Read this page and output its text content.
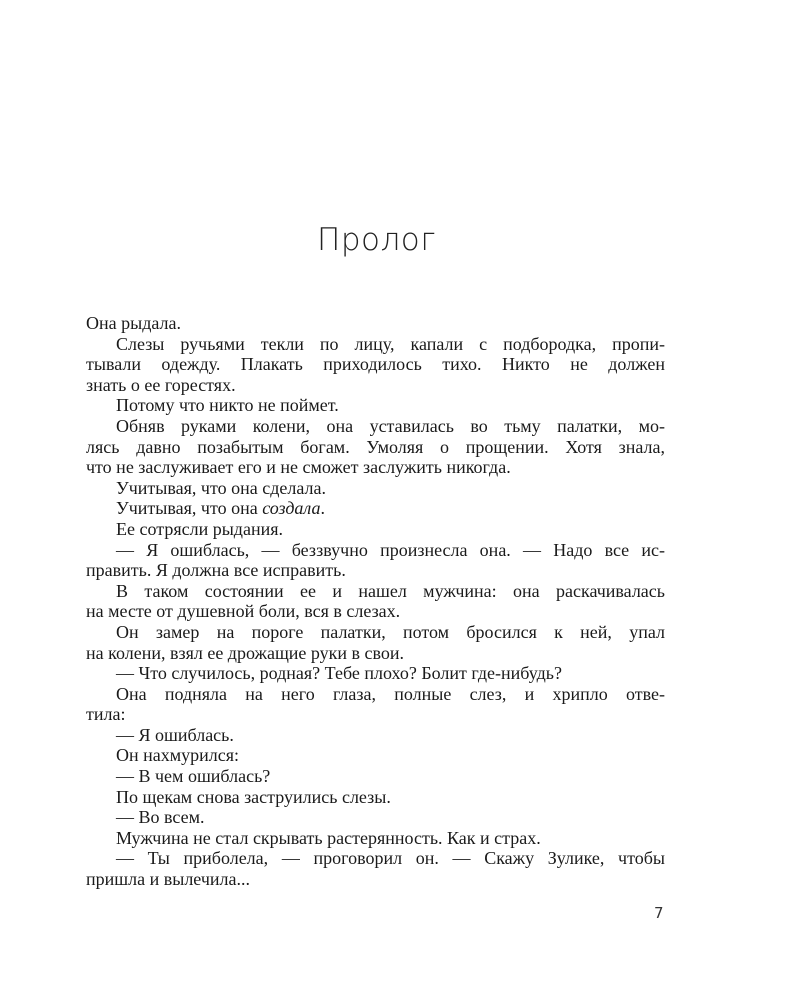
Пролог
Она рыдала.
Слезы ручьями текли по лицу, капали с подбородка, пропи-
тывали одежду. Плакать приходилось тихо. Никто не должен
знать о ее горестях.
Потому что никто не поймет.
Обняв руками колени, она уставилась во тьму палатки, мо-
лясь давно позабытым богам. Умоляя о прощении. Хотя знала,
что не заслуживает его и не сможет заслужить никогда.
Учитывая, что она сделала.
Учитывая, что она создала.
Ее сотрясли рыдания.
— Я ошиблась, — беззвучно произнесла она. — Надо все ис-
править. Я должна все исправить.
В таком состоянии ее и нашел мужчина: она раскачивалась
на месте от душевной боли, вся в слезах.
Он замер на пороге палатки, потом бросился к ней, упал
на колени, взял ее дрожащие руки в свои.
— Что случилось, родная? Тебе плохо? Болит где-нибудь?
Она подняла на него глаза, полные слез, и хрипло отве-
тила:
— Я ошиблась.
Он нахмурился:
— В чем ошиблась?
По щекам снова заструились слезы.
— Во всем.
Мужчина не стал скрывать растерянность. Как и страх.
— Ты приболела, — проговорил он. — Скажу Зулике, чтобы
пришла и вылечила...
7
